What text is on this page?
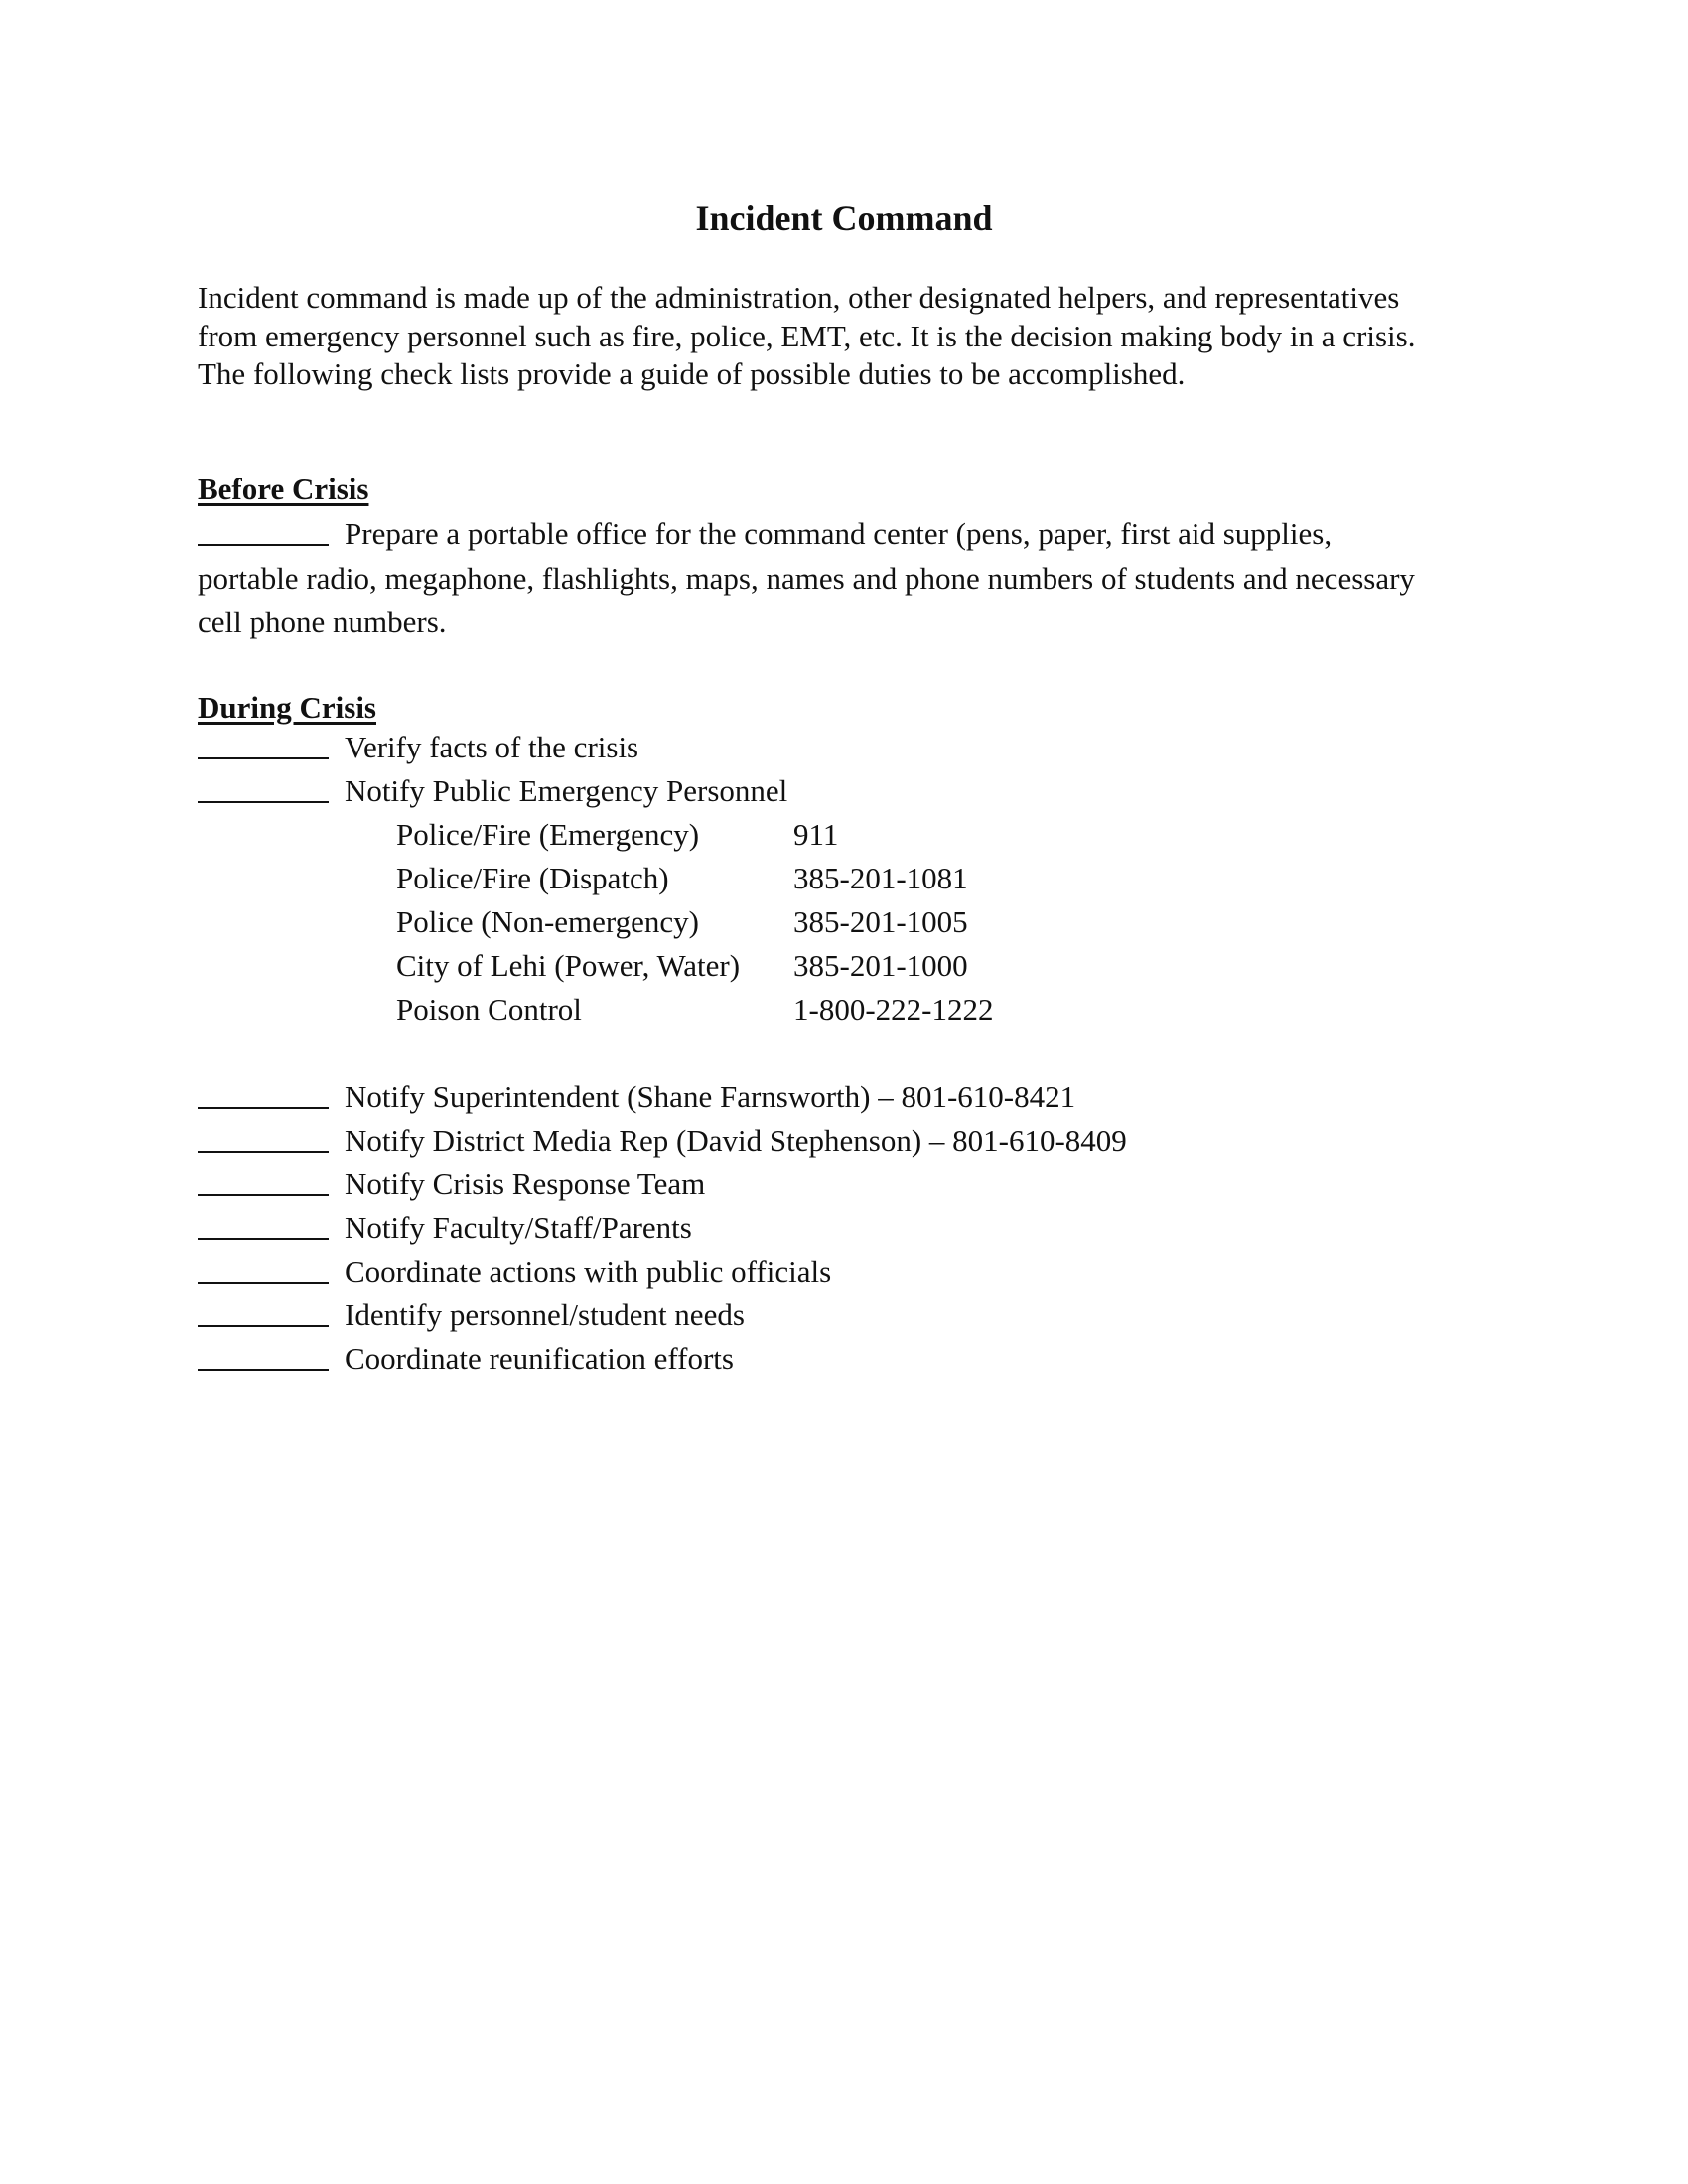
Incident Command

Incident command is made up of the administration, other designated helpers, and representatives from emergency personnel such as fire, police, EMT, etc. It is the decision making body in a crisis. The following check lists provide a guide of possible duties to be accomplished.

Before Crisis

Prepare a portable office for the command center (pens, paper, first aid supplies, portable radio, megaphone, flashlights, maps, names and phone numbers of students and necessary cell phone numbers.

During Crisis
Verify facts of the crisis
Notify Public Emergency Personnel
Police/Fire (Emergency)	911
Police/Fire (Dispatch)	385-201-1081
Police (Non-emergency)	385-201-1005
City of Lehi (Power, Water) 385-201-1000
Poison Control	1-800-222-1222
Notify Superintendent (Shane Farnsworth) – 801-610-8421
Notify District Media Rep (David Stephenson) – 801-610-8409
Notify Crisis Response Team
Notify Faculty/Staff/Parents
Coordinate actions with public officials
Identify personnel/student needs
Coordinate reunification efforts
